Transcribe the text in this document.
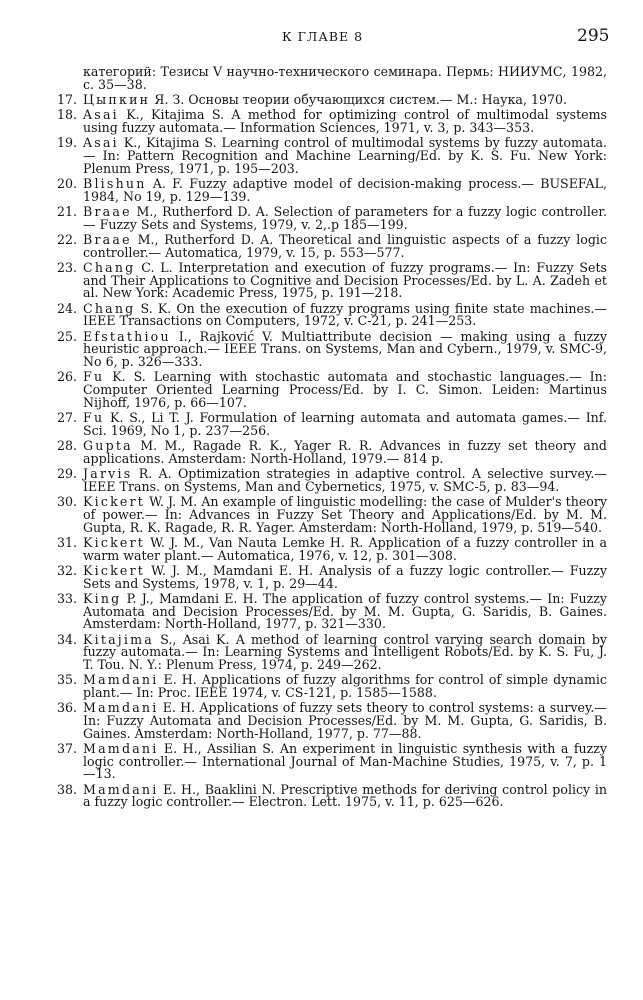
К ГЛАВЕ 8	295
категорий: Тезисы V научно-технического семинара. Пермь: НИИУМС, 1982, с. 35—38.
17. Цыпкин Я. З. Основы теории обучающихся систем.— М.: Наука, 1970.
18. Asai K., Kitajima S. A method for optimizing control of multimodal systems using fuzzy automata.— Information Sciences, 1971, v. 3, p. 343—353.
19. Asai K., Kitajima S. Learning control of multimodal systems by fuzzy automata.— In: Pattern Recognition and Machine Learning/Ed. by K. S. Fu. New York: Plenum Press, 1971, p. 195—203.
20. Blishun A. F. Fuzzy adaptive model of decision-making process.— BUSEFAL, 1984, No 19, p. 129—139.
21. Braae M., Rutherford D. A. Selection of parameters for a fuzzy logic controller.— Fuzzy Sets and Systems, 1979, v. 2,.p 185—199.
22. Braae M., Rutherford D. A. Theoretical and linguistic aspects of a fuzzy logic controller.— Automatica, 1979, v. 15, p. 553—577.
23. Chang C. L. Interpretation and execution of fuzzy programs.— In: Fuzzy Sets and Their Applications to Cognitive and Decision Processes/Ed. by L. A. Zadeh et al. New York: Academic Press, 1975, p. 191—218.
24. Chang S. K. On the execution of fuzzy programs using finite state machines.— IEEE Transactions on Computers, 1972, v. C-21, p. 241—253.
25. Efstathiou I., Rajković V. Multiattribute decision — making using a fuzzy heuristic approach.— IEEE Trans. on Systems, Man and Cybern., 1979, v. SMC-9, No 6, p. 326—333.
26. Fu K. S. Learning with stochastic automata and stochastic languages.— In: Computer Oriented Learning Process/Ed. by I. C. Simon. Leiden: Martinus Nijhoff, 1976, p. 66—107.
27. Fu K. S., Li T. J. Formulation of learning automata and automata games.— Inf. Sci. 1969, No 1, p. 237—256.
28. Gupta M. M., Ragade R. K., Yager R. R. Advances in fuzzy set theory and applications. Amsterdam: North-Holland, 1979.— 814 p.
29. Jarvis R. A. Optimization strategies in adaptive control. A selective survey.— IEEE Trans. on Systems, Man and Cybernetics, 1975, v. SMC-5, p. 83—94.
30. Kickert W. J. M. An example of linguistic modelling: the case of Mulder's theory of power.— In: Advances in Fuzzy Set Theory and Applications/Ed. by M. M. Gupta, R. K. Ragade, R. R. Yager. Amsterdam: North-Holland, 1979, p. 519—540.
31. Kickert W. J. M., Van Nauta Lemke H. R. Application of a fuzzy controller in a warm water plant.— Automatica, 1976, v. 12, p. 301—308.
32. Kickert W. J. M., Mamdani E. H. Analysis of a fuzzy logic controller.— Fuzzy Sets and Systems, 1978, v. 1, p. 29—44.
33. King P. J., Mamdani E. H. The application of fuzzy control systems.— In: Fuzzy Automata and Decision Processes/Ed. by M. M. Gupta, G. Saridis, B. Gaines. Amsterdam: North-Holland, 1977, p. 321—330.
34. Kitajima S., Asai K. A method of learning control varying search domain by fuzzy automata.— In: Learning Systems and Intelligent Robots/Ed. by K. S. Fu, J. T. Tou. N. Y.: Plenum Press, 1974, p. 249—262.
35. Mamdani E. H. Applications of fuzzy algorithms for control of simple dynamic plant.— In: Proc. IEEE 1974, v. CS-121, p. 1585—1588.
36. Mamdani E. H. Applications of fuzzy sets theory to control systems: a survey.— In: Fuzzy Automata and Decision Processes/Ed. by M. M. Gupta, G. Saridis, B. Gaines. Amsterdam: North-Holland, 1977, p. 77—88.
37. Mamdani E. H., Assilian S. An experiment in linguistic synthesis with a fuzzy logic controller.— International Journal of Man-Machine Studies, 1975, v. 7, p. 1—13.
38. Mamdani E. H., Baaklini N. Prescriptive methods for deriving control policy in a fuzzy logic controller.— Electron. Lett. 1975, v. 11, p. 625—626.
